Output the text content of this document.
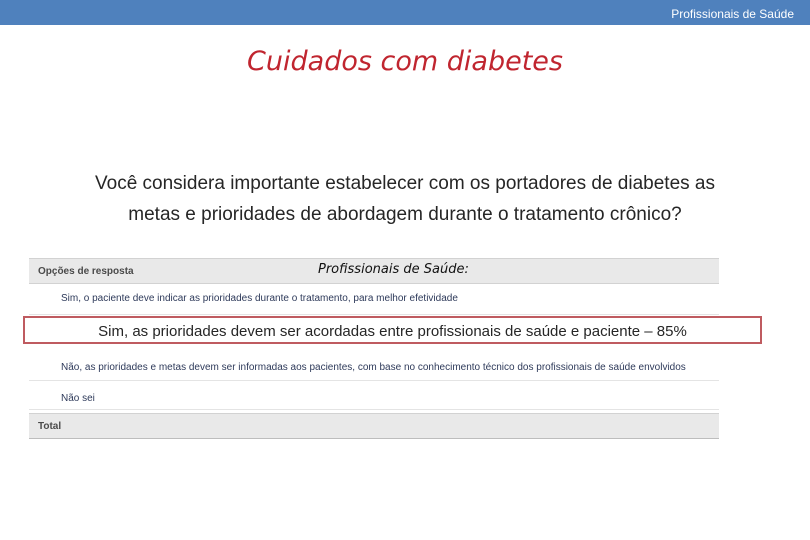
Profissionais de Saúde
Cuidados com diabetes
Você considera importante estabelecer com os portadores de diabetes as
metas e prioridades de abordagem durante o tratamento crônico?
Opções de resposta	Profissionais de Saúde:
Sim, o paciente deve indicar as prioridades durante o tratamento, para melhor efetividade
Não, as prioridades e metas devem ser informadas aos pacientes, com base no conhecimento técnico dos profissionais de saúde envolvidos
Não sei
Total
Sim, as prioridades devem ser acordadas entre profissionais de saúde e paciente – 85%
